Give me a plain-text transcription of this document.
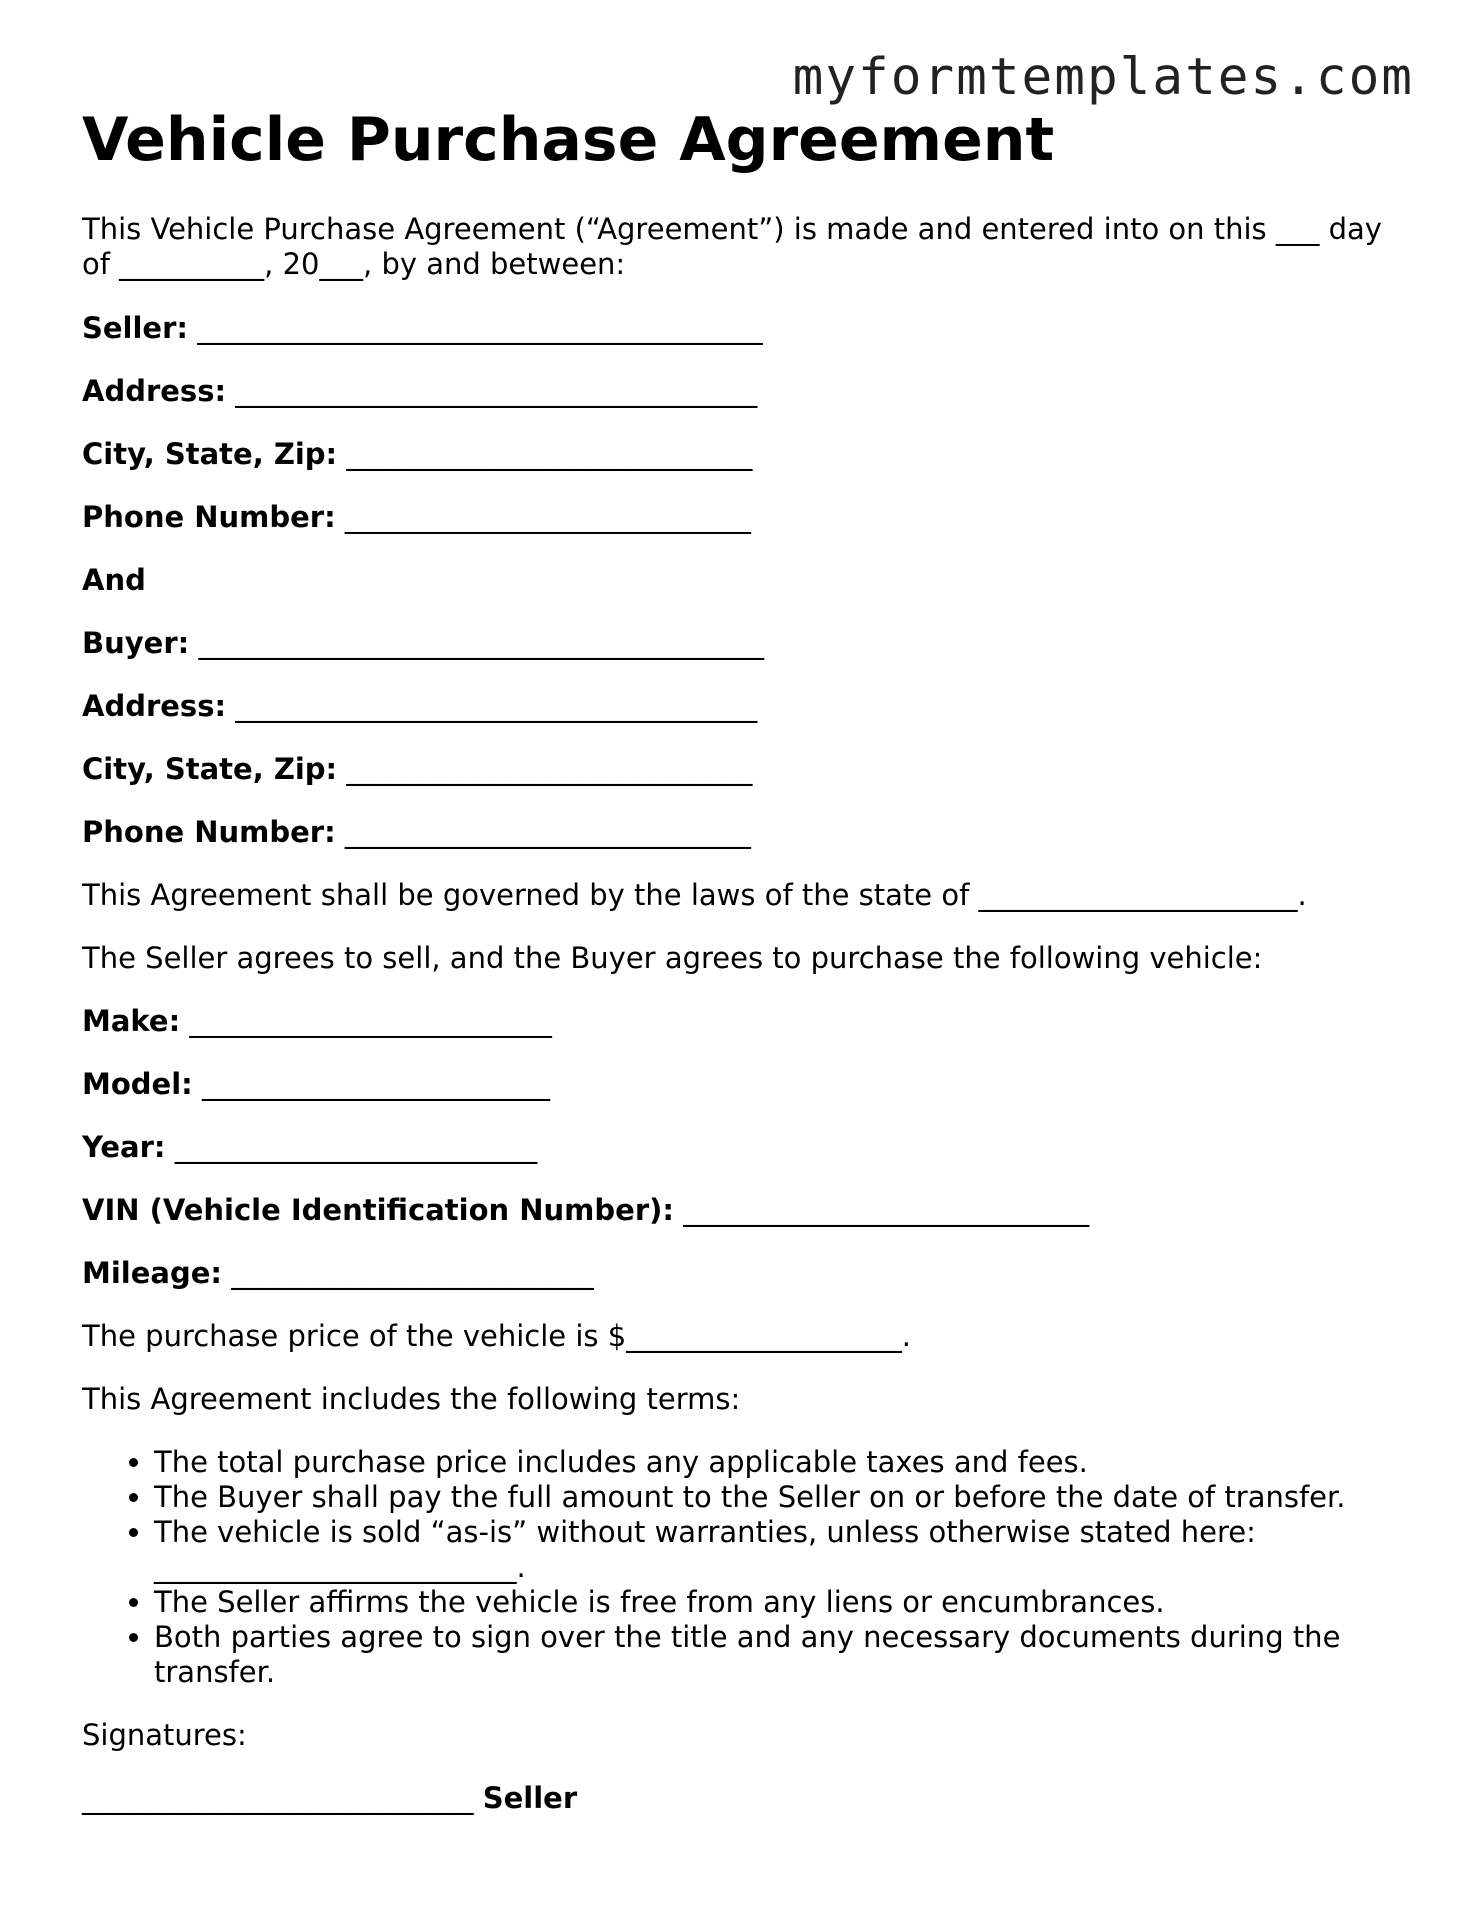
myformtemplates.com
Vehicle Purchase Agreement

This Vehicle Purchase Agreement (“Agreement”) is made and entered into on this ___ day of __________, 20___, by and between:

Seller: _______________________________________
Address: ____________________________________
City, State, Zip: ____________________________
Phone Number: ____________________________
And
Buyer: _______________________________________
Address: ____________________________________
City, State, Zip: ____________________________
Phone Number: ____________________________
This Agreement shall be governed by the laws of the state of ______________________.
The Seller agrees to sell, and the Buyer agrees to purchase the following vehicle:
Make: _________________________
Model: ________________________
Year: _________________________
VIN (Vehicle Identification Number): ____________________________
Mileage: _________________________
The purchase price of the vehicle is $___________________.
This Agreement includes the following terms:
• The total purchase price includes any applicable taxes and fees.
• The Buyer shall pay the full amount to the Seller on or before the date of transfer.
• The vehicle is sold “as-is” without warranties, unless otherwise stated here: _________________________.
• The Seller affirms the vehicle is free from any liens or encumbrances.
• Both parties agree to sign over the title and any necessary documents during the transfer.
Signatures:
___________________________ Seller
